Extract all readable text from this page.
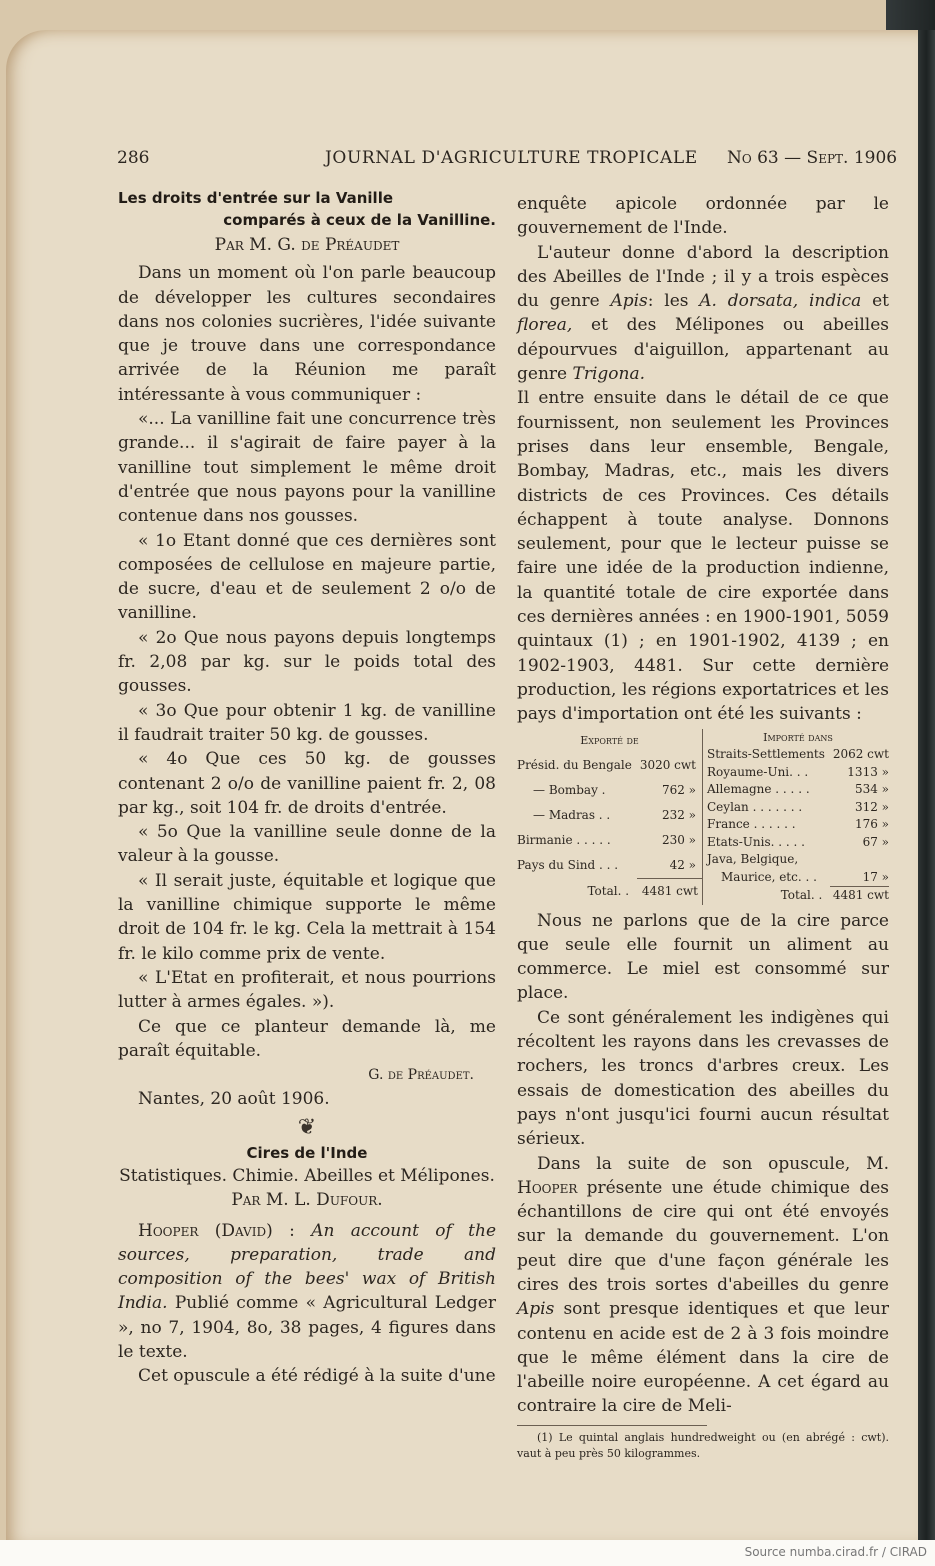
286	JOURNAL D'AGRICULTURE TROPICALE No 63 — Sept. 1906
Les droits d'entrée sur la Vanille
comparés à ceux de la Vanilline.
Par M. G. de Préaudet

Dans un moment où l'on parle beaucoup de développer les cultures secondaires dans nos colonies sucrières, l'idée suivante que je trouve dans une correspondance arrivée de la Réunion me paraît intéressante à vous communiquer :

«... La vanilline fait une concurrence très grande... il s'agirait de faire payer à la vanilline tout simplement le même droit d'entrée que nous payons pour la vanilline contenue dans nos gousses.

« 1o Etant donné que ces dernières sont composées de cellulose en majeure partie, de sucre, d'eau et de seulement 2 o/o de vanilline.

« 2o Que nous payons depuis longtemps fr. 2,08 par kg. sur le poids total des gousses.

« 3o Que pour obtenir 1 kg. de vanilline il faudrait traiter 50 kg. de gousses.

« 4o Que ces 50 kg. de gousses contenant 2 o/o de vanilline paient fr. 2, 08 par kg., soit 104 fr. de droits d'entrée.

« 5o Que la vanilline seule donne de la valeur à la gousse.

« Il serait juste, équitable et logique que la vanilline chimique supporte le même droit de 104 fr. le kg. Cela la mettrait à 154 fr. le kilo comme prix de vente.

« L'Etat en profiterait, et nous pourrions lutter à armes égales. »).

Ce que ce planteur demande là, me paraît équitable.

G. de Préaudet.
Nantes, 20 août 1906.
❦
Cires de l'Inde
Statistiques. Chimie. Abeilles et Mélipones.
Par M. L. Dufour.

Hooper (David) : An account of the sources, preparation, trade and composition of the bees' wax of British India. Publié comme « Agricultural Ledger », no 7, 1904, 8o, 38 pages, 4 figures dans le texte.

Cet opuscule a été rédigé à la suite d'une

enquête apicole ordonnée par le gouvernement de l'Inde.

L'auteur donne d'abord la description des Abeilles de l'Inde ; il y a trois espèces du genre Apis: les A. dorsata, indica et florea, et des Mélipones ou abeilles dépourvues d'aiguillon, appartenant au genre Trigona.

Il entre ensuite dans le détail de ce que fournissent, non seulement les Provinces prises dans leur ensemble, Bengale, Bombay, Madras, etc., mais les divers districts de ces Provinces. Ces détails échappent à toute analyse. Donnons seulement, pour que le lecteur puisse se faire une idée de la production indienne, la quantité totale de cire exportée dans ces dernières années : en 1900-1901, 5059 quintaux (1) ; en 1901-1902, 4139 ; en 1902-1903, 4481. Sur cette dernière production, les régions exportatrices et les pays d'importation ont été les suivants :

Exporté de	
Présid. du Bengale	3020 cwt
— Bombay .	762 »
— Madras . .	232 »
Birmanie . . . . .	230 »
Pays du Sind . . .	42 »
Total. .	4481 cwt
Importé dans	
Straits-Settlements	2062 cwt
Royaume-Uni. . .	1313 »
Allemagne . . . . .	534 »
Ceylan . . . . . . .	312 »
France . . . . . .	176 »
Etats-Unis. . . . .	67 »
Java, Belgique,	
Maurice, etc. . .	17 »
Total. .	4481 cwt

Nous ne parlons que de la cire parce que seule elle fournit un aliment au commerce. Le miel est consommé sur place.

Ce sont généralement les indigènes qui récoltent les rayons dans les crevasses de rochers, les troncs d'arbres creux. Les essais de domestication des abeilles du pays n'ont jusqu'ici fourni aucun résultat sérieux.

Dans la suite de son opuscule, M. Hooper présente une étude chimique des échantillons de cire qui ont été envoyés sur la demande du gouvernement. L'on peut dire que d'une façon générale les cires des trois sortes d'abeilles du genre Apis sont presque identiques et que leur contenu en acide est de 2 à 3 fois moindre que le même élément dans la cire de l'abeille noire européenne. A cet égard au contraire la cire de Meli-

(1) Le quintal anglais hundredweight ou (en abrégé : cwt). vaut à peu près 50 kilogrammes.

Source numba.cirad.fr / CIRAD
